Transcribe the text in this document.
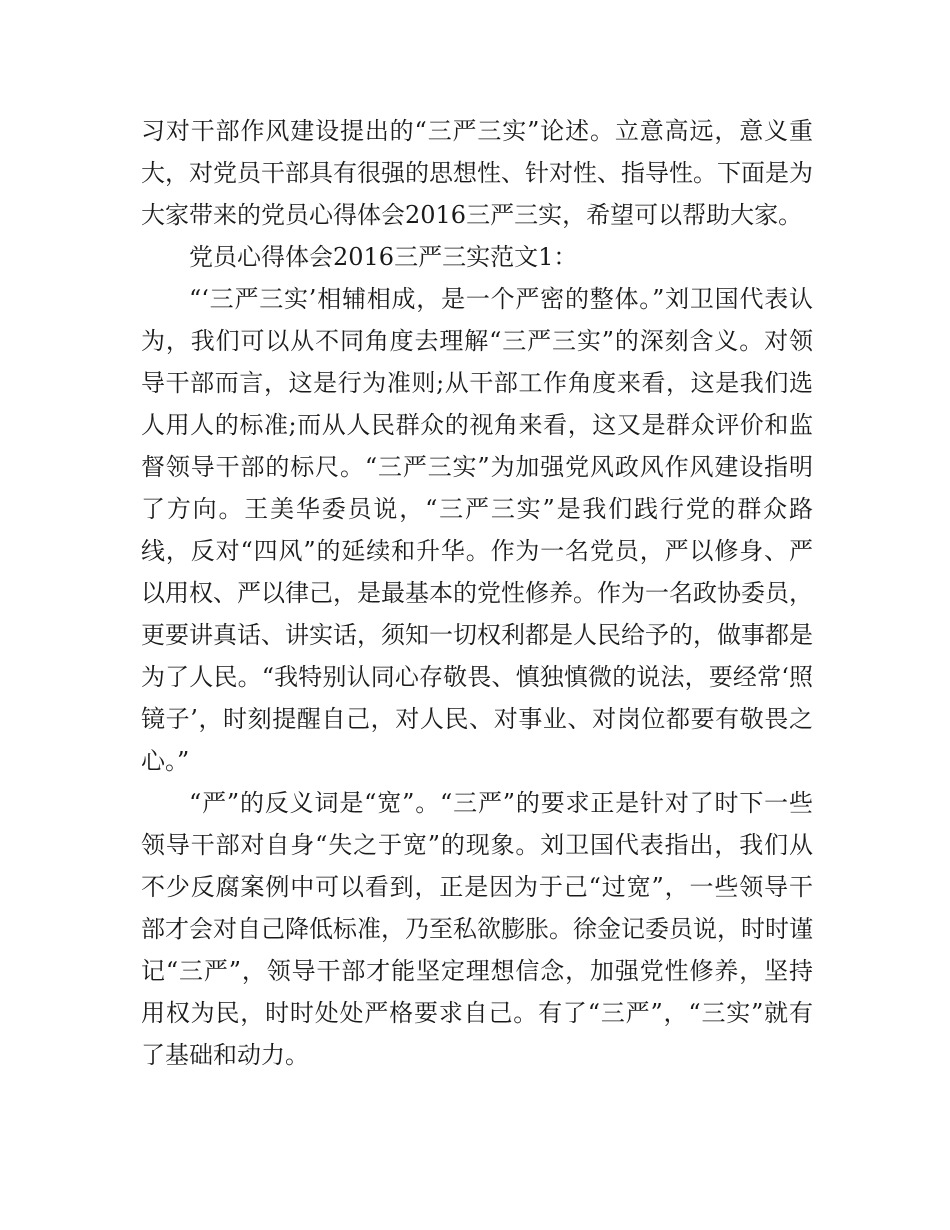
习对干部作风建设提出的“三严三实”论述。立意高远，意义重大，对党员干部具有很强的思想性、针对性、指导性。下面是为大家带来的党员心得体会2016三严三实，希望可以帮助大家。

党员心得体会2016三严三实范文1：

“‘三严三实’相辅相成，是一个严密的整体。”刘卫国代表认为，我们可以从不同角度去理解“三严三实”的深刻含义。对领导干部而言，这是行为准则;从干部工作角度来看，这是我们选人用人的标准;而从人民群众的视角来看，这又是群众评价和监督领导干部的标尺。“三严三实”为加强党风政风作风建设指明了方向。王美华委员说，“三严三实”是我们践行党的群众路线，反对“四风”的延续和升华。作为一名党员，严以修身、严以用权、严以律己，是最基本的党性修养。作为一名政协委员，更要讲真话、讲实话，须知一切权利都是人民给予的，做事都是为了人民。“我特别认同心存敬畏、慎独慎微的说法，要经常‘照镜子’，时刻提醒自己，对人民、对事业、对岗位都要有敬畏之心。”

“严”的反义词是“宽”。“三严”的要求正是针对了时下一些领导干部对自身“失之于宽”的现象。刘卫国代表指出，我们从不少反腐案例中可以看到，正是因为于己“过宽”，一些领导干部才会对自己降低标准，乃至私欲膨胀。徐金记委员说，时时谨记“三严”，领导干部才能坚定理想信念，加强党性修养，坚持用权为民，时时处处严格要求自己。有了“三严”，“三实”就有了基础和动力。
